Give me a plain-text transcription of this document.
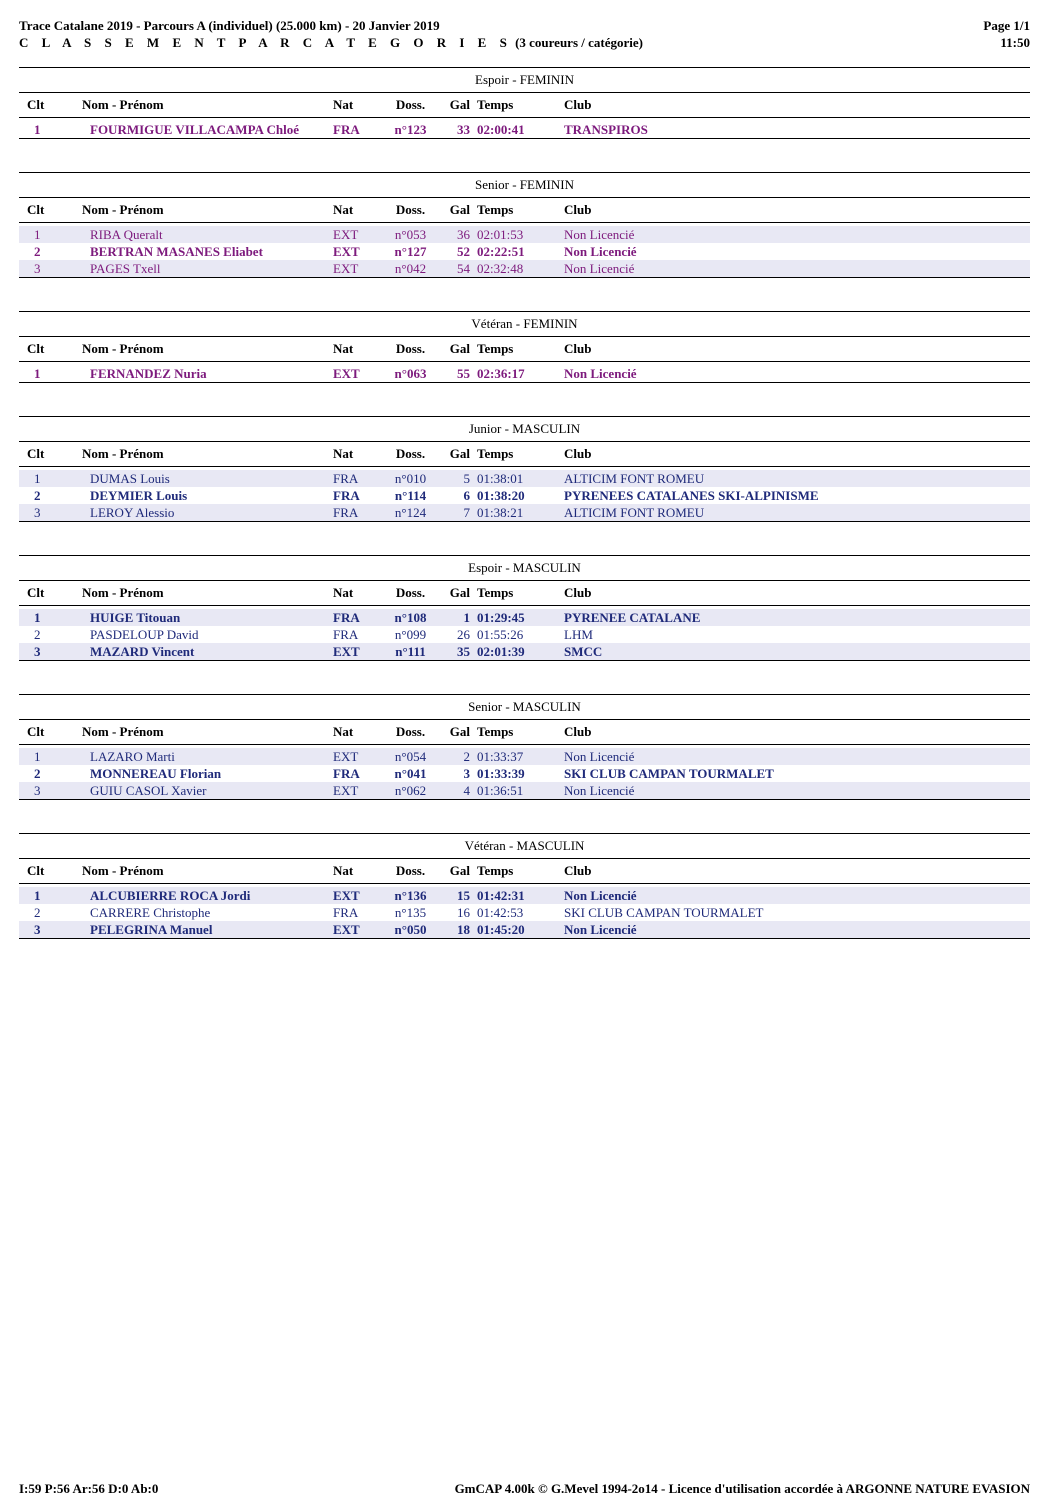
Trace Catalane 2019 - Parcours A (individuel) (25.000 km) - 20 Janvier 2019
C L A S S E M E N T P A R C A T E G O R I E S (3 coureurs / catégorie)
Page 1/1
11:50
Espoir - FEMININ
Clt	Nom - Prénom	Nat	Doss.	Gal Temps	Club
1	FOURMIGUE VILLACAMPA Chloé	FRA	n°123	33 02:00:41	TRANSPIROS
Senior - FEMININ
Clt	Nom - Prénom	Nat	Doss.	Gal Temps	Club
1	RIBA Queralt	EXT	n°053	36 02:01:53	Non Licencié
2	BERTRAN MASANES Eliabet	EXT	n°127	52 02:22:51	Non Licencié
3	PAGES Txell	EXT	n°042	54 02:32:48	Non Licencié
Vétéran - FEMININ
Clt	Nom - Prénom	Nat	Doss.	Gal Temps	Club
1	FERNANDEZ Nuria	EXT	n°063	55 02:36:17	Non Licencié
Junior - MASCULIN
Clt	Nom - Prénom	Nat	Doss.	Gal Temps	Club
1	DUMAS Louis	FRA	n°010	5 01:38:01	ALTICIM FONT ROMEU
2	DEYMIER Louis	FRA	n°114	6 01:38:20	PYRENEES CATALANES SKI-ALPINISME
3	LEROY Alessio	FRA	n°124	7 01:38:21	ALTICIM FONT ROMEU
Espoir - MASCULIN
Clt	Nom - Prénom	Nat	Doss.	Gal Temps	Club
1	HUIGE Titouan	FRA	n°108	1 01:29:45	PYRENEE CATALANE
2	PASDELOUP David	FRA	n°099	26 01:55:26	LHM
3	MAZARD Vincent	EXT	n°111	35 02:01:39	SMCC
Senior - MASCULIN
Clt	Nom - Prénom	Nat	Doss.	Gal Temps	Club
1	LAZARO Marti	EXT	n°054	2 01:33:37	Non Licencié
2	MONNEREAU Florian	FRA	n°041	3 01:33:39	SKI CLUB CAMPAN TOURMALET
3	GUIU CASOL Xavier	EXT	n°062	4 01:36:51	Non Licencié
Vétéran - MASCULIN
Clt	Nom - Prénom	Nat	Doss.	Gal Temps	Club
1	ALCUBIERRE ROCA Jordi	EXT	n°136	15 01:42:31	Non Licencié
2	CARRERE Christophe	FRA	n°135	16 01:42:53	SKI CLUB CAMPAN TOURMALET
3	PELEGRINA Manuel	EXT	n°050	18 01:45:20	Non Licencié
I:59 P:56 Ar:56 D:0 Ab:0	GmCAP 4.00k © G.Mevel 1994-2o14 - Licence d'utilisation accordée à ARGONNE NATURE EVASION
